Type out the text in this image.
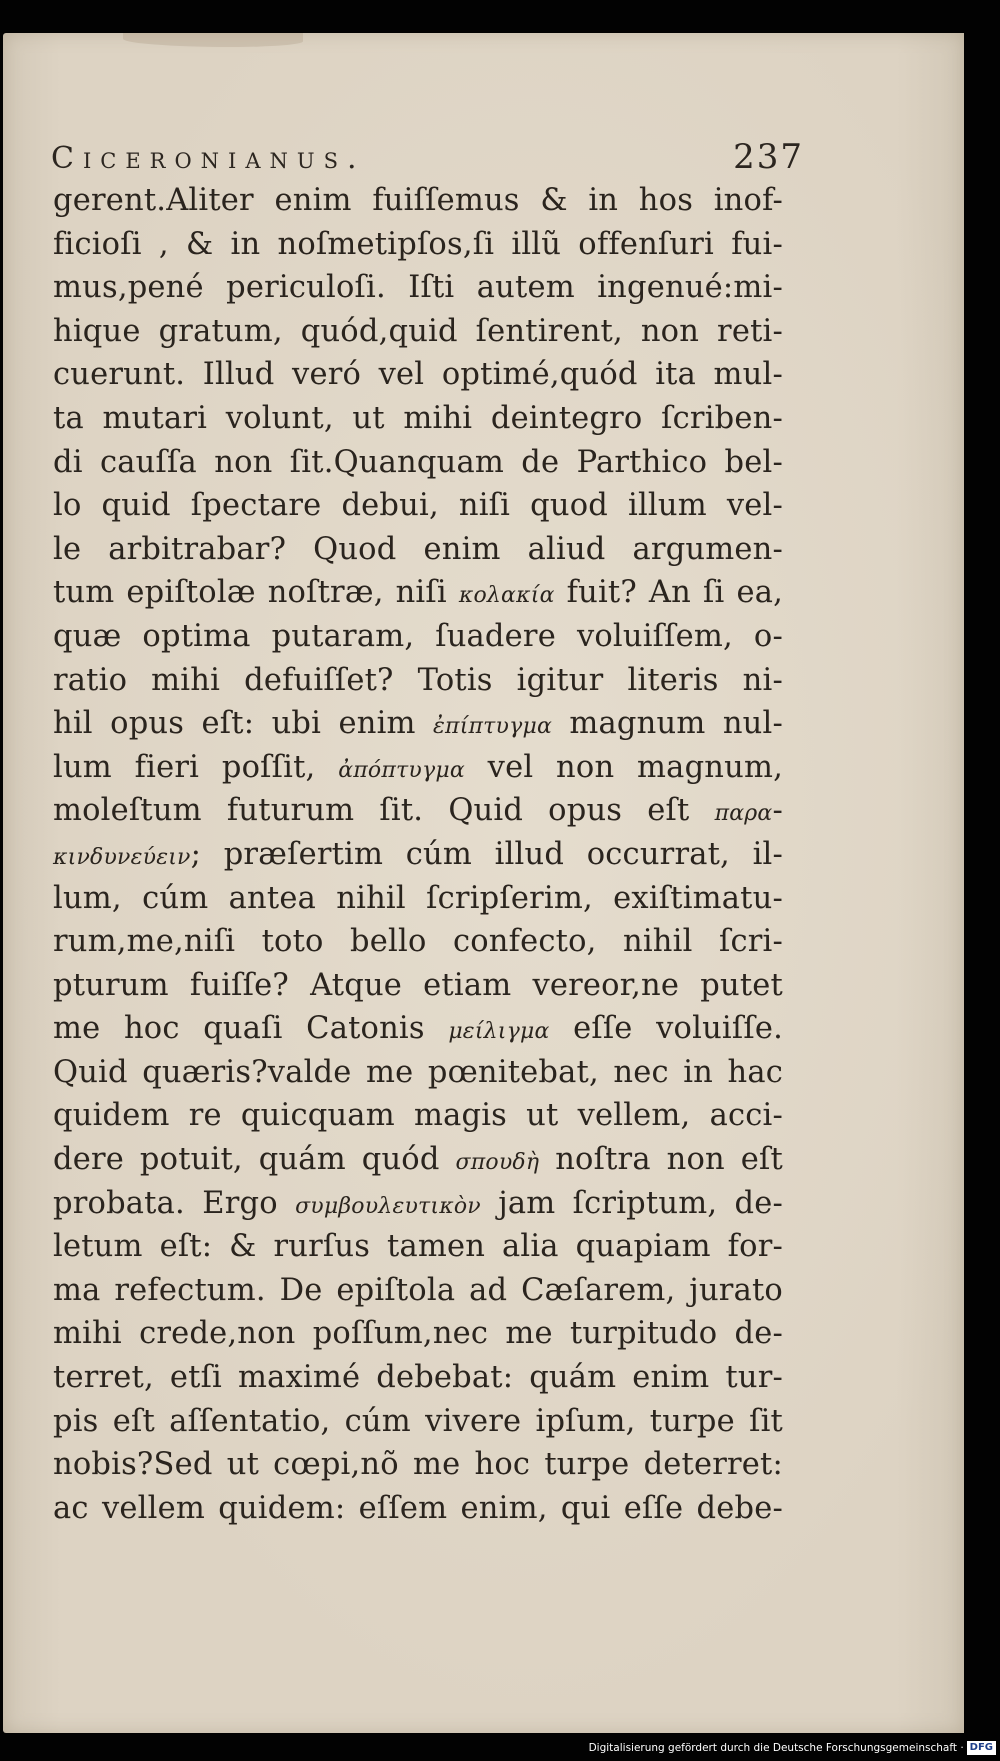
Ciceronianus.	237
gerent.Aliter enim fuiſſemus & in hos inof-
ficioſi , & in noſmetipſos,ſi illũ offenſuri fui-
mus,pené periculoſi. Iſti autem ingenué:mi-
hique gratum, quód,quid ſentirent, non reti-
cuerunt. Illud veró vel optimé,quód ita mul-
ta mutari volunt, ut mihi deintegro ſcriben-
di cauſſa non ſit.Quanquam de Parthico bel-
lo quid ſpectare debui, niſi quod illum vel-
le arbitrabar? Quod enim aliud argumen-
tum epiſtolæ noſtræ, niſi κολακία fuit? An ſi ea,
quæ optima putaram, ſuadere voluiſſem, o-
ratio mihi defuiſſet? Totis igitur literis ni-
hil opus eſt: ubi enim ἐπίπτυγμα magnum nul-
lum fieri poſſit, ἀπόπτυγμα vel non magnum,
moleſtum futurum ſit. Quid opus eſt παρα-
κινδυνεύειν; præſertim cúm illud occurrat, il-
lum, cúm antea nihil ſcripſerim, exiſtimatu-
rum,me,niſi toto bello confecto, nihil ſcri-
pturum fuiſſe? Atque etiam vereor,ne putet
me hoc quaſi Catonis μείλιγμα eſſe voluiſſe.
Quid quæris?valde me pœnitebat, nec in hac
quidem re quicquam magis ut vellem, acci-
dere potuit, quám quód σπουδὴ noſtra non eſt
probata. Ergo συμβουλευτικὸν jam ſcriptum, de-
letum eſt: & rurſus tamen alia quapiam for-
ma refectum. De epiſtola ad Cæſarem, jurato
mihi crede,non poſſum,nec me turpitudo de-
terret, etſi maximé debebat: quám enim tur-
pis eſt aſſentatio, cúm vivere ipſum, turpe ſit
nobis?Sed ut cœpi,nõ me hoc turpe deterret:
ac vellem quidem: eſſem enim, qui eſſe debe-
Digitalisierung gefördert durch die Deutsche Forschungsgemeinschaft · DFG
